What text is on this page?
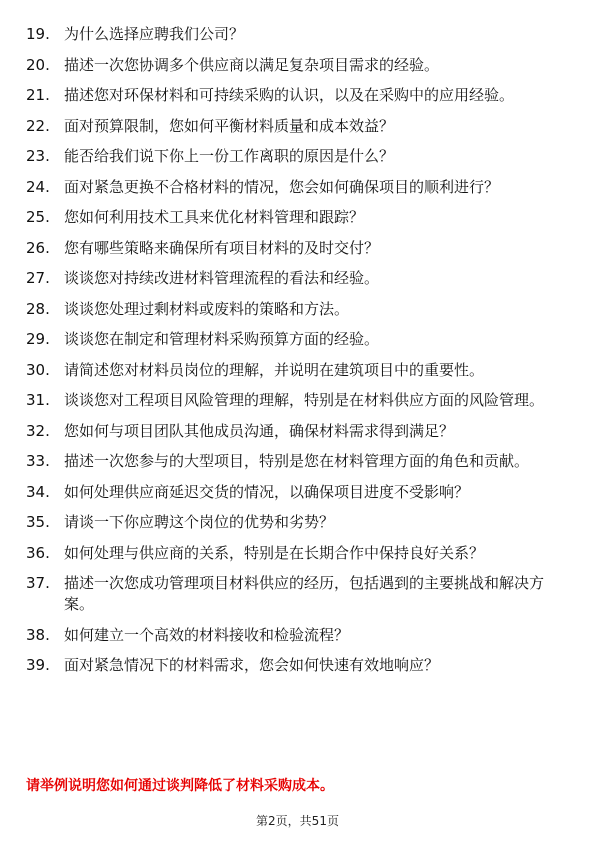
19. 为什么选择应聘我们公司？
20. 描述一次您协调多个供应商以满足复杂项目需求的经验。
21. 描述您对环保材料和可持续采购的认识，以及在采购中的应用经验。
22. 面对预算限制，您如何平衡材料质量和成本效益？
23. 能否给我们说下你上一份工作离职的原因是什么？
24. 面对紧急更换不合格材料的情况，您会如何确保项目的顺利进行？
25. 您如何利用技术工具来优化材料管理和跟踪？
26. 您有哪些策略来确保所有项目材料的及时交付？
27. 谈谈您对持续改进材料管理流程的看法和经验。
28. 谈谈您处理过剩材料或废料的策略和方法。
29. 谈谈您在制定和管理材料采购预算方面的经验。
30. 请简述您对材料员岗位的理解，并说明在建筑项目中的重要性。
31. 谈谈您对工程项目风险管理的理解，特别是在材料供应方面的风险管理。
32. 您如何与项目团队其他成员沟通，确保材料需求得到满足？
33. 描述一次您参与的大型项目，特别是您在材料管理方面的角色和贡献。
34. 如何处理供应商延迟交货的情况，以确保项目进度不受影响？
35. 请谈一下你应聘这个岗位的优势和劣势？
36. 如何处理与供应商的关系，特别是在长期合作中保持良好关系？
37. 描述一次您成功管理项目材料供应的经历，包括遇到的主要挑战和解决方案。
38. 如何建立一个高效的材料接收和检验流程？
39. 面对紧急情况下的材料需求，您会如何快速有效地响应？
请举例说明您如何通过谈判降低了材料采购成本。
第2页，共51页
